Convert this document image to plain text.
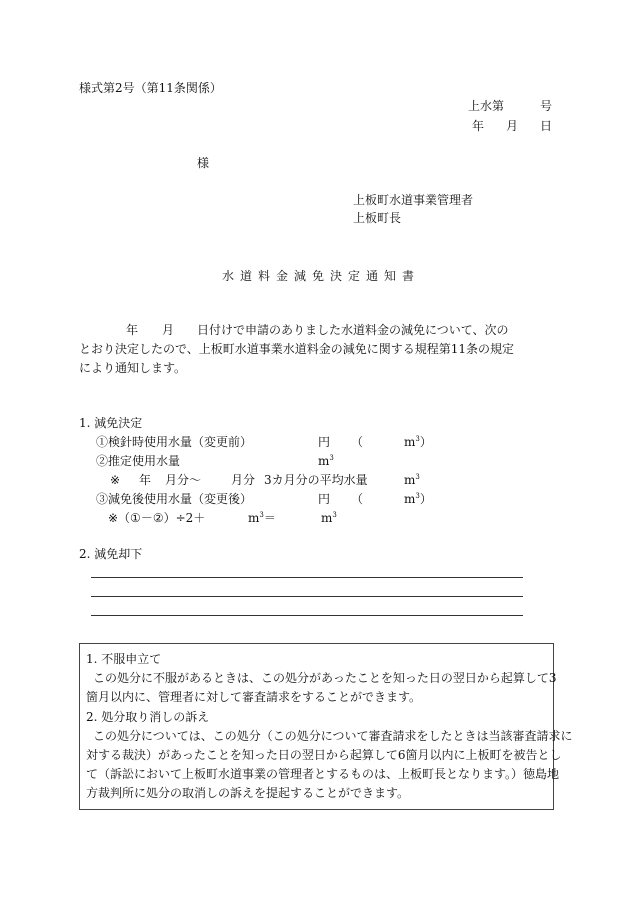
様式第2号（第11条関係）
上水第	号
年 月 日
様
上板町水道事業管理者
上板町長
水道料金減免決定通知書
年 月 日付けで申請のありました水道料金の減免について、次の
とおり決定したので、上板町水道事業水道料金の減免に関する規程第11条の規定
により通知します。
1. 減免決定
①検針時使用水量（変更前）	円 （	$m^3$）
②推定使用水量	$m^3$
※ 年 月分～ 月分 3カ月分の平均水量	$m^3$
③減免後使用水量（変更後）	円 （	$m^3$）
※（①－②）÷2＋	$m^3=$	$m^3$
2. 減免却下
1. 不服申立て
この処分に不服があるときは、この処分があったことを知った日の翌日から起算して3
箇月以内に、管理者に対して審査請求をすることができます。
2. 処分取り消しの訴え
この処分については、この処分（この処分について審査請求をしたときは当該審査請求に
対する裁決）があったことを知った日の翌日から起算して6箇月以内に上板町を被告とし
て（訴訟において上板町水道事業の管理者とするものは、上板町長となります。）徳島地
方裁判所に処分の取消しの訴えを提起することができます。
